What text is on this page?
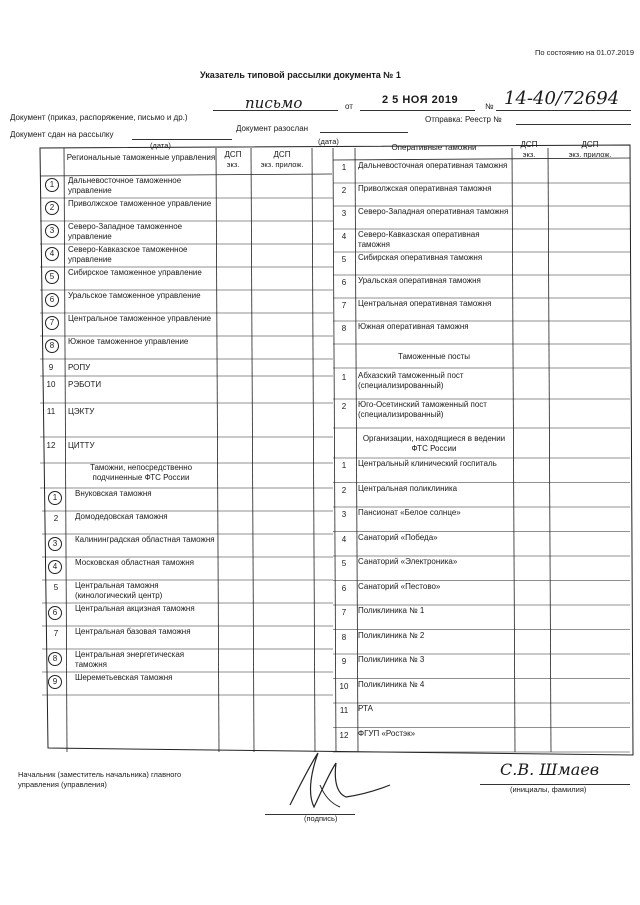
По состоянию на 01.07.2019
Указатель типовой рассылки документа № 1
Документ (приказ, распоряжение, письмо и др.)
письмо	от
2 5 НОЯ 2019
№ 14-40/72694
Документ сдан на рассылку
(дата)
Документ разослан
(дата)
Отправка: Реестр №
Региональные таможенные управления	ДСП
экз.
ДСП
экз. прилож.
Оперативные таможни	ДСП
экз.
ДСП
экз. прилож.
1	Дальневосточное таможенное управление
2	Приволжское таможенное управление
3	Северо-Западное таможенное управление
4	Северо-Кавказское таможенное управление
5	Сибирское таможенное управление
6	Уральское таможенное управление
7	Центральное таможенное управление
8	Южное таможенное управление
9	РОПУ
10	РЭБОТИ
11	ЦЭКТУ
12	ЦИТТУ
Таможни, непосредственно подчиненные ФТС России
1	Внуковская таможня
2	Домодедовская таможня
3	Калининградская областная таможня
4	Московская областная таможня
5	Центральная таможня (кинологический центр)
6	Центральная акцизная таможня
7	Центральная базовая таможня
8	Центральная энергетическая таможня
9	Шереметьевская таможня
1	Дальневосточная оперативная таможня
2	Приволжская оперативная таможня
3	Северо-Западная оперативная таможня
4	Северо-Кавказская оперативная таможня
5	Сибирская оперативная таможня
6	Уральская оперативная таможня
7	Центральная оперативная таможня
8	Южная оперативная таможня
Таможенные посты
1	Абхазский таможенный пост (специализированный)
2	Юго-Осетинский таможенный пост (специализированный)
Организации, находящиеся в ведении ФТС России
1	Центральный клинический госпиталь
2	Центральная поликлиника
3	Пансионат «Белое солнце»
4	Санаторий «Победа»
5	Санаторий «Электроника»
6	Санаторий «Пестово»
7	Поликлиника № 1
8	Поликлиника № 2
9	Поликлиника № 3
10	Поликлиника № 4
11	РТА
12	ФГУП «Ростэк»
Начальник (заместитель начальника) главного управления (управления)
(подпись)
С.В. Шмаев
(инициалы, фамилия)
